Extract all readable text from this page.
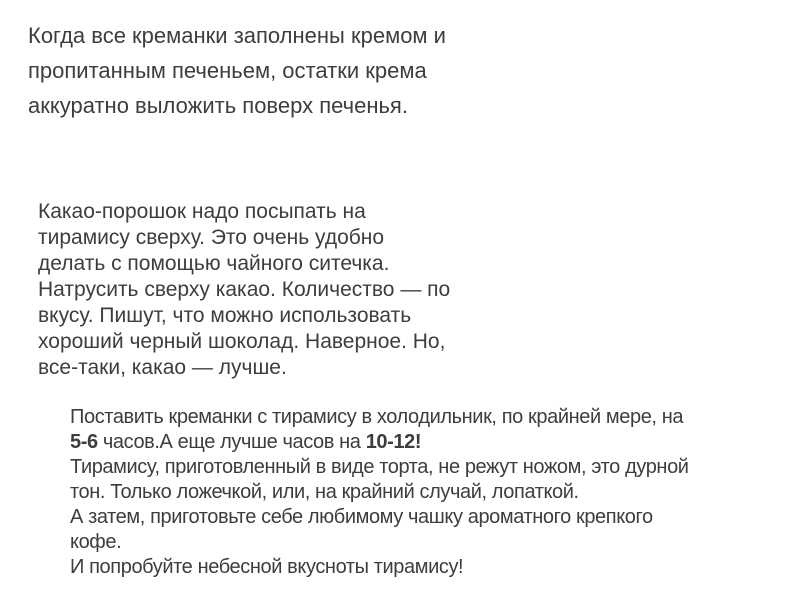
Когда все креманки заполнены кремом и
пропитанным печеньем, остатки крема
аккуратно выложить поверх печенья.
Какао-порошок надо посыпать на
тирамису сверху. Это очень удобно
делать с помощью чайного ситечка.
Натрусить сверху какао. Количество — по
вкусу. Пишут, что можно использовать
хороший черный шоколад. Наверное. Но,
все-таки, какао — лучше.
Поставить креманки с тирамису в холодильник, по крайней мере, на
5-6 часов.А еще лучше часов на 10-12!
Тирамису, приготовленный в виде торта, не режут ножом, это дурной
тон. Только ложечкой, или, на крайний случай, лопаткой.
А затем, приготовьте себе любимому чашку ароматного крепкого
кофе.
И попробуйте небесной вкусноты тирамису!
